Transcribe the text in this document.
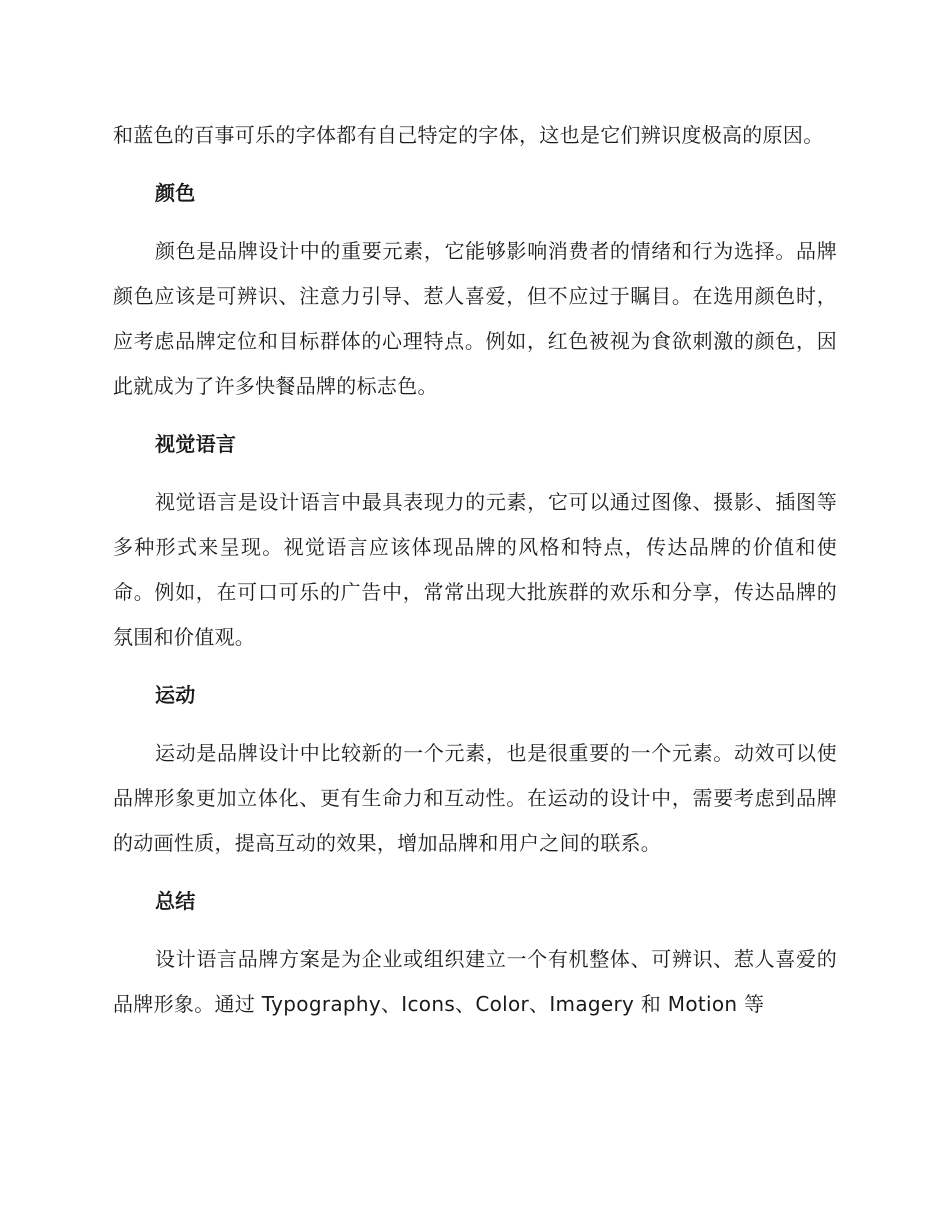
和蓝色的百事可乐的字体都有自己特定的字体，这也是它们辨识度极高的原因。

颜色

颜色是品牌设计中的重要元素，它能够影响消费者的情绪和行为选择。品牌颜色应该是可辨识、注意力引导、惹人喜爱，但不应过于瞩目。在选用颜色时，应考虑品牌定位和目标群体的心理特点。例如，红色被视为食欲刺激的颜色，因此就成为了许多快餐品牌的标志色。

视觉语言

视觉语言是设计语言中最具表现力的元素，它可以通过图像、摄影、插图等多种形式来呈现。视觉语言应该体现品牌的风格和特点，传达品牌的价值和使命。例如，在可口可乐的广告中，常常出现大批族群的欢乐和分享，传达品牌的氛围和价值观。

运动

运动是品牌设计中比较新的一个元素，也是很重要的一个元素。动效可以使品牌形象更加立体化、更有生命力和互动性。在运动的设计中，需要考虑到品牌的动画性质，提高互动的效果，增加品牌和用户之间的联系。

总结

设计语言品牌方案是为企业或组织建立一个有机整体、可辨识、惹人喜爱的品牌形象。通过 Typography、Icons、Color、Imagery 和 Motion 等
